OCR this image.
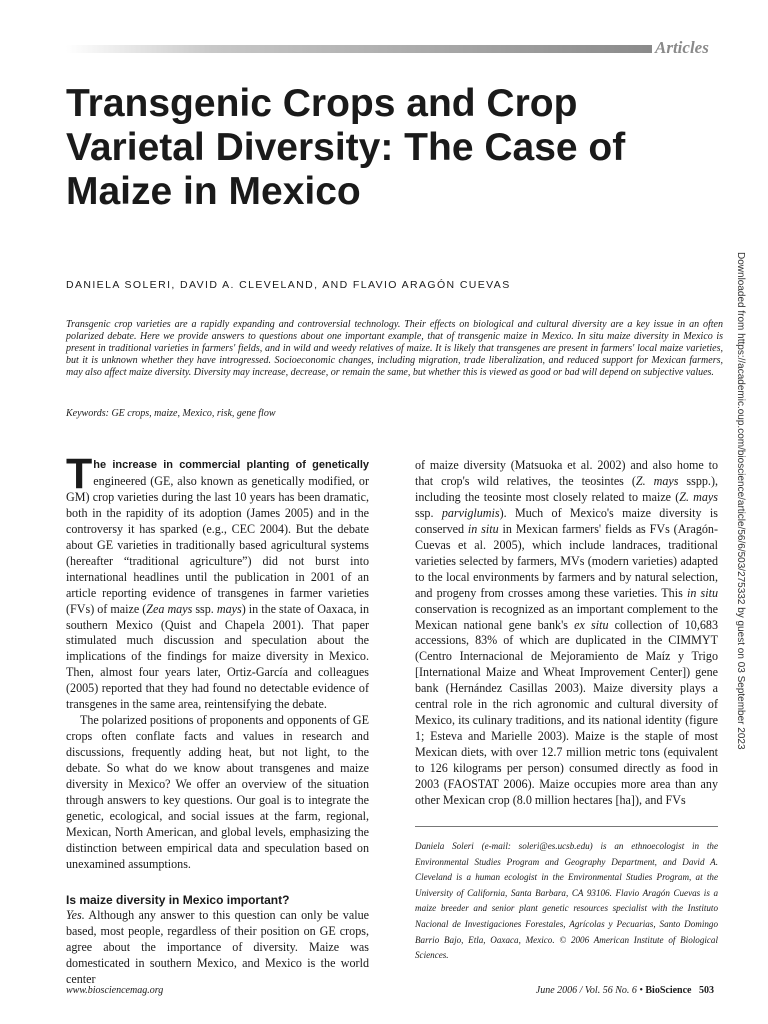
Articles
Transgenic Crops and Crop Varietal Diversity: The Case of Maize in Mexico
DANIELA SOLERI, DAVID A. CLEVELAND, AND FLAVIO ARAGÓN CUEVAS

Transgenic crop varieties are a rapidly expanding and controversial technology. Their effects on biological and cultural diversity are a key issue in an often polarized debate. Here we provide answers to questions about one important example, that of transgenic maize in Mexico. In situ maize diversity in Mexico is present in traditional varieties in farmers' fields, and in wild and weedy relatives of maize. It is likely that transgenes are present in farmers' local maize varieties, but it is unknown whether they have introgressed. Socioeconomic changes, including migration, trade liberalization, and reduced support for Mexican farmers, may also affect maize diversity. Diversity may increase, decrease, or remain the same, but whether this is viewed as good or bad will depend on subjective values.

Keywords: GE crops, maize, Mexico, risk, gene flow

The increase in commercial planting of genetically engineered (GE, also known as genetically modified, or GM) crop varieties during the last 10 years has been dramatic, both in the rapidity of its adoption (James 2005) and in the controversy it has sparked (e.g., CEC 2004). But the debate about GE varieties in traditionally based agricultural systems (hereafter “traditional agriculture”) did not burst into international headlines until the publication in 2001 of an article reporting evidence of transgenes in farmer varieties (FVs) of maize (Zea mays ssp. mays) in the state of Oaxaca, in southern Mexico (Quist and Chapela 2001). That paper stimulated much discussion and speculation about the implications of the findings for maize diversity in Mexico. Then, almost four years later, Ortiz-García and colleagues (2005) reported that they had found no detectable evidence of transgenes in the same area, reintensifying the debate.

The polarized positions of proponents and opponents of GE crops often conflate facts and values in research and discussions, frequently adding heat, but not light, to the debate. So what do we know about transgenes and maize diversity in Mexico? We offer an overview of the situation through answers to key questions. Our goal is to integrate the genetic, ecological, and social issues at the farm, regional, Mexican, North American, and global levels, emphasizing the distinction between empirical data and speculation based on unexamined assumptions.

Is maize diversity in Mexico important?

Yes. Although any answer to this question can only be value based, most people, regardless of their position on GE crops, agree about the importance of diversity. Maize was domesticated in southern Mexico, and Mexico is the world center

of maize diversity (Matsuoka et al. 2002) and also home to that crop's wild relatives, the teosintes (Z. mays sspp.), including the teosinte most closely related to maize (Z. mays ssp. parviglumis). Much of Mexico's maize diversity is conserved in situ in Mexican farmers' fields as FVs (Aragón-Cuevas et al. 2005), which include landraces, traditional varieties selected by farmers, MVs (modern varieties) adapted to the local environments by farmers and by natural selection, and progeny from crosses among these varieties. This in situ conservation is recognized as an important complement to the Mexican national gene bank's ex situ collection of 10,683 accessions, 83% of which are duplicated in the CIMMYT (Centro Internacional de Mejoramiento de Maíz y Trigo [International Maize and Wheat Improvement Center]) gene bank (Hernández Casillas 2003). Maize diversity plays a central role in the rich agronomic and cultural diversity of Mexico, its culinary traditions, and its national identity (figure 1; Esteva and Marielle 2003). Maize is the staple of most Mexican diets, with over 12.7 million metric tons (equivalent to 126 kilograms per person) consumed directly as food in 2003 (FAOSTAT 2006). Maize occupies more area than any other Mexican crop (8.0 million hectares [ha]), and FVs

Daniela Soleri (e-mail: soleri@es.ucsb.edu) is an ethnoecologist in the Environmental Studies Program and Geography Department, and David A. Cleveland is a human ecologist in the Environmental Studies Program, at the University of California, Santa Barbara, CA 93106. Flavio Aragón Cuevas is a maize breeder and senior plant genetic resources specialist with the Instituto Nacional de Investigaciones Forestales, Agrícolas y Pecuarias, Santo Domingo Barrio Bajo, Etla, Oaxaca, Mexico. © 2006 American Institute of Biological Sciences.

www.biosciencemag.org	June 2006 / Vol. 56 No. 6 • BioScience 503
Downloaded from https://academic.oup.com/bioscience/article/56/6/503/275332 by guest on 03 September 2023
